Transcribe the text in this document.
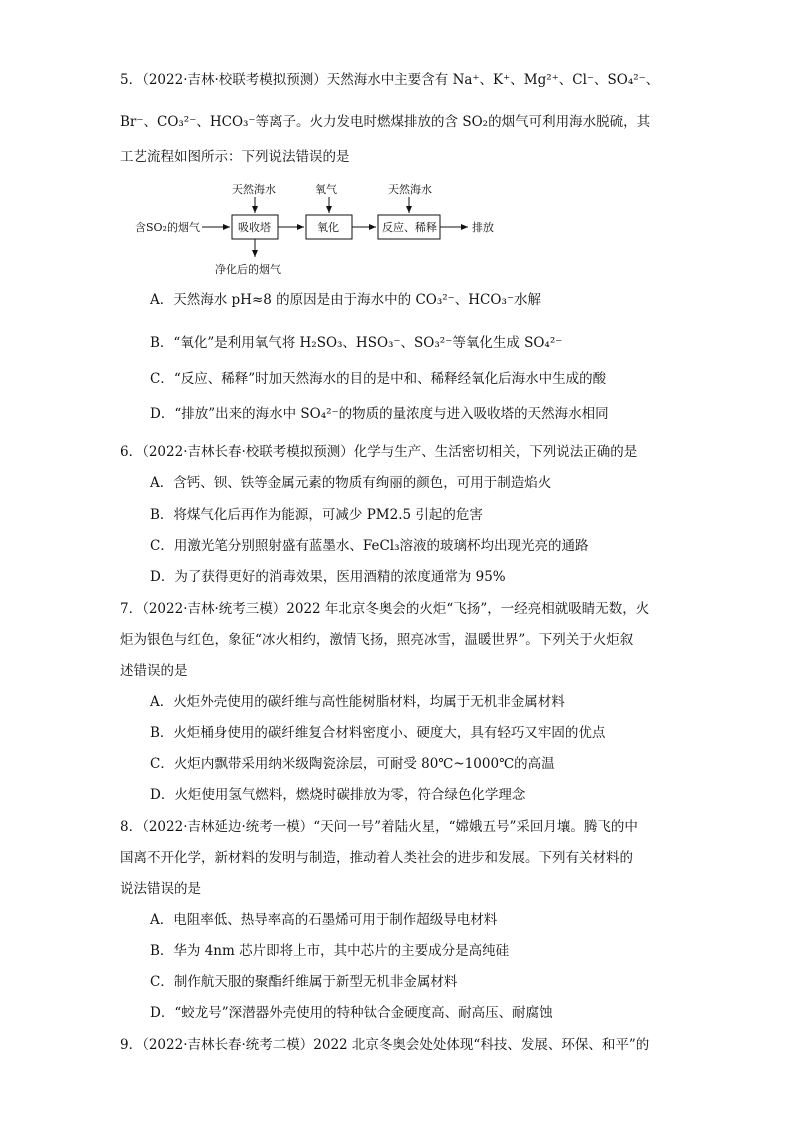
5．（2022·吉林·校联考模拟预测）天然海水中主要含有 Na⁺、K⁺、Mg²⁺、Cl⁻、SO₄²⁻、
Br⁻、CO₃²⁻、HCO₃⁻等离子。火力发电时燃煤排放的含 SO₂的烟气可利用海水脱硫，其
工艺流程如图所示：下列说法错误的是
含SO₂的烟气	吸收塔
天然海水
净化后的烟气
氧化
氧气
反应、稀释
天然海水
排放
A．天然海水 pH≈8 的原因是由于海水中的 CO₃²⁻、HCO₃⁻水解
B．“氧化”是利用氧气将 H₂SO₃、HSO₃⁻、SO₃²⁻等氧化生成 SO₄²⁻
C．“反应、稀释”时加天然海水的目的是中和、稀释经氧化后海水中生成的酸
D．“排放”出来的海水中 SO₄²⁻的物质的量浓度与进入吸收塔的天然海水相同
6．（2022·吉林长春·校联考模拟预测）化学与生产、生活密切相关，下列说法正确的是
A．含钙、钡、铁等金属元素的物质有绚丽的颜色，可用于制造焰火
B．将煤气化后再作为能源，可减少 PM2.5 引起的危害
C．用激光笔分别照射盛有蓝墨水、FeCl₃溶液的玻璃杯均出现光亮的通路
D．为了获得更好的消毒效果，医用酒精的浓度通常为 95%
7．（2022·吉林·统考三模）2022 年北京冬奥会的火炬“飞扬”，一经亮相就吸睛无数，火
炬为银色与红色，象征“冰火相约，激情飞扬，照亮冰雪，温暖世界”。下列关于火炬叙
述错误的是
A．火炬外壳使用的碳纤维与高性能树脂材料，均属于无机非金属材料
B．火炬桶身使用的碳纤维复合材料密度小、硬度大，具有轻巧又牢固的优点
C．火炬内飘带采用纳米级陶瓷涂层，可耐受 80℃~1000℃的高温
D．火炬使用氢气燃料，燃烧时碳排放为零，符合绿色化学理念
8．（2022·吉林延边·统考一模）“天问一号”着陆火星，“嫦娥五号”采回月壤。腾飞的中
国离不开化学，新材料的发明与制造，推动着人类社会的进步和发展。下列有关材料的
说法错误的是
A．电阻率低、热导率高的石墨烯可用于制作超级导电材料
B．华为 4nm 芯片即将上市，其中芯片的主要成分是高纯硅
C．制作航天服的聚酯纤维属于新型无机非金属材料
D．“蛟龙号”深潜器外壳使用的特种钛合金硬度高、耐高压、耐腐蚀
9．（2022·吉林长春·统考二模）2022 北京冬奥会处处体现“科技、发展、环保、和平”的
